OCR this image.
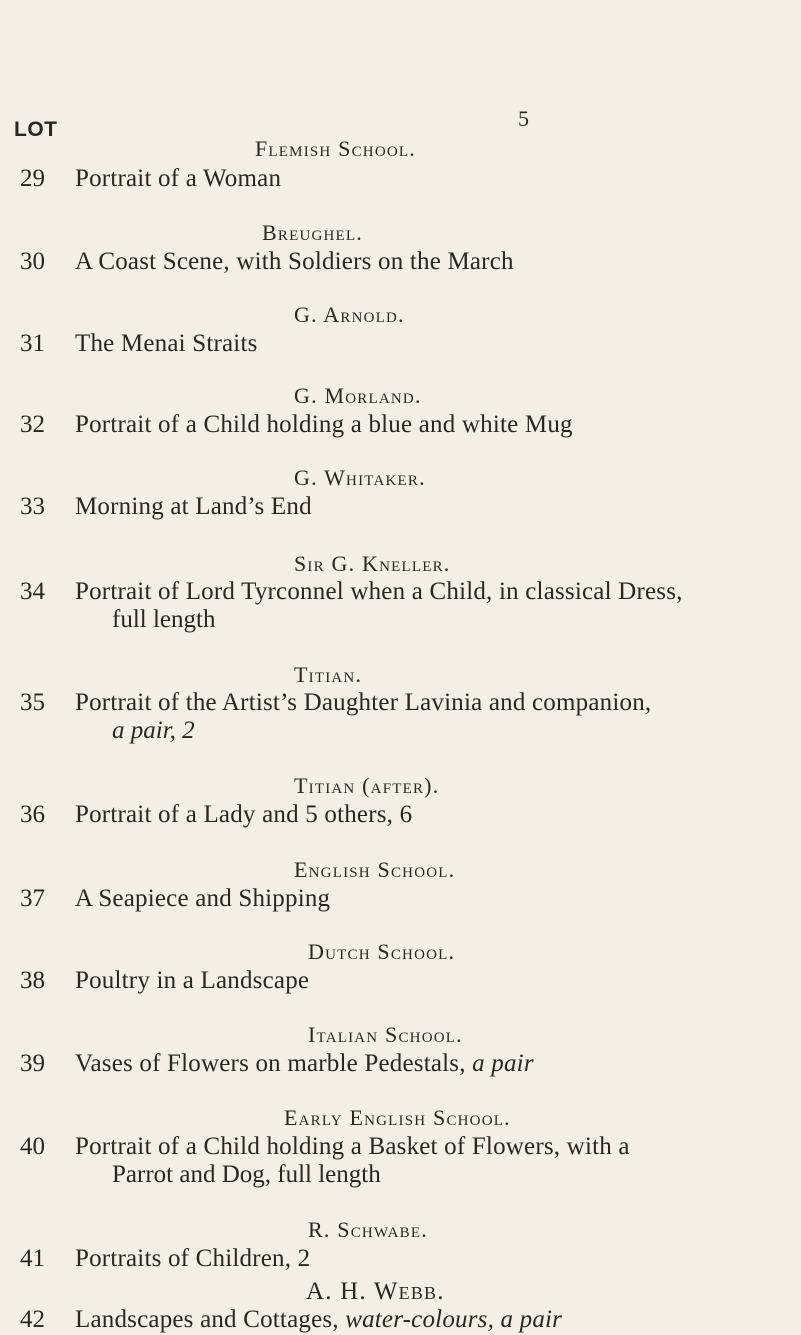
5
LOT
Flemish School.
29 Portrait of a Woman
Breughel.
30 A Coast Scene, with Soldiers on the March
G. Arnold.
31 The Menai Straits
G. Morland.
32 Portrait of a Child holding a blue and white Mug
G. Whitaker.
33 Morning at Land’s End
Sir G. Kneller.
34 Portrait of Lord Tyrconnel when a Child, in classical Dress,
full length
Titian.
35 Portrait of the Artist’s Daughter Lavinia and companion,
a pair, 2
Titian (after).
36 Portrait of a Lady and 5 others, 6
English School.
37 A Seapiece and Shipping
Dutch School.
38 Poultry in a Landscape
Italian School.
39 Vases of Flowers on marble Pedestals, a pair
Early English School.
40 Portrait of a Child holding a Basket of Flowers, with a
Parrot and Dog, full length
R. Schwabe.
41 Portraits of Children, 2
A. H. Webb.
42 Landscapes and Cottages, water-colours, a pair
